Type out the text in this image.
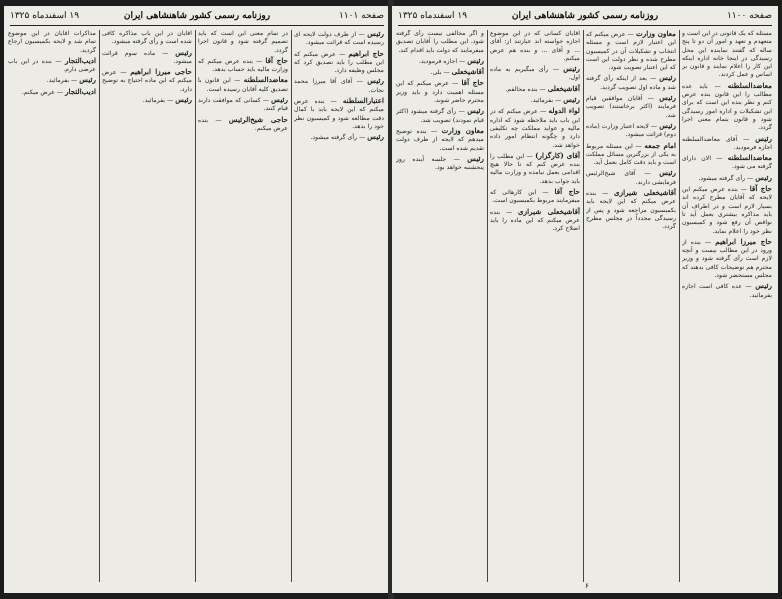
صفحه ۱۱۰۱
روزنامه رسمی کشور شاهنشاهی ایران
۱۹ اسفندماه ۱۳۲۵

رئیس — از طرف دولت لایحه ای رسیده است که قرائت میشود.

حاج ابراهیم — عرض میکنم که این مطلب را باید تصدیق کرد که مجلس وظیفه دارد.

رئیس — آقای آقا میرزا محمد نجات.

اعتبارالسلطنه — بنده عرض میکنم که این لایحه باید با کمال دقت مطالعه شود و کمیسیون نظر خود را بدهد.

رئیس — رأی گرفته میشود.

در تمام معنی این است که باید تصمیم گرفته شود و قانون اجرا گردد.

حاج آقا — بنده عرض میکنم که وزارت مالیه باید حساب بدهد.

معاضدالسلطنه — این قانون با تصدیق کلیه آقایان رسیده است.

رئیس — کسانی که موافقت دارند قیام کنند.

حاجی شیخ‌الرئیس — بنده عرض میکنم.

آقایان در این باب مذاکره کافی شده است و رأی گرفته میشود.

رئیس — ماده سوم قرائت میشود.

حاجی میرزا ابراهیم — عرض میکنم که این ماده احتیاج به توضیح دارد.

رئیس — بفرمائید.

مذاکرات آقایان در این موضوع تمام شد و لایحه بکمیسیون ارجاع گردید.

ادیب‌التجار — بنده در این باب عرضی دارم.

رئیس — بفرمائید.

ادیب‌التجار — عرض میکنم.

صفحه ۱۱۰۰
روزنامه رسمی کشور شاهنشاهی ایران
۱۹ اسفندماه ۱۳۲۵

مسئله که یک قانونی در این است و متعهدم و تعهد و امور آن دو تا پنج ساله که گفتند نماینده این محل رسیدگی در اینجا خانه اداره اینکه این کار را اعلام نمایند و قانون بر اساس و عمل کردند.

معاضدالسلطنه — باید عده مطالب را این قانون بنده عرض کنم و نظر بنده این است که برای این تشکیلات و اداره امور رسیدگی شود و قانون بتمام معنی اجرا گردد.

رئیس — آقای معاضدالسلطنه اجازه فرمودید.

معاضدالسلطنه — الان دارای گرفته می شود.

رئیس — رأی گرفته میشود.

حاج آقا — بنده عرض میکنم این لایحه که آقایان مطرح کرده اند بسیار لازم است و در اطراف آن باید مذاکره بیشتری بعمل آید تا نواقص آن رفع شود و کمیسیون نظر خود را اعلام نماید.

حاج میرزا ابراهیم — بنده از ورود در این مطالب نیست و آنچه لازم است رأی گرفته شود و وزیر محترم هم توضیحات کافی بدهند که مجلس مستحضر شود.

رئیس — عده کافی است اجازه بفرمائید.

معاون وزارت — عرض میکنم که این اعتبار لازم است و مسئله انتخاب و تشکیلات آن در کمیسیون مطرح شده و نظر دولت این است که این اعتبار تصویب شود.

رئیس — بعد از اینکه رأی گرفته شد و ماده اول تصویب گردید.

رئیس — آقایان موافقین قیام فرمایند (اکثر برخاستند) تصویب شد.

رئیس — لایحه اعتبار وزارت (ماده دوم) قرائت میشود.

امام جمعه — این مسئله مربوط به یکی از بزرگترین مسائل مملکت است و باید دقت کامل بعمل آید.

رئیس — آقای شیخ‌الرئیس فرمایشی دارند.

آقاشیخعلی شیرازی — بنده عرض میکنم که این لایحه باید بکمیسیون مراجعه شود و پس از رسیدگی مجدداً در مجلس مطرح گردد.

آقایان کسانی که در این موضوع اجازه خواسته اند عبارتند از: آقای ... و آقای ... و بنده هم عرض میکنم.

رئیس — رأی میگیریم به ماده اول.

آقاشیخعلی — بنده مخالفم.

رئیس — بفرمائید.

لواء الدوله — عرض میکنم که در این باب باید ملاحظه شود که اداره مالیه و عواید مملکت چه تکلیفی دارد و چگونه انتظام امور داده خواهد شد.

آقای (کارگزار) — این مطلب را بنده عرض کنم که تا حالا هیچ اقدامی بعمل نیامده و وزارت مالیه باید جواب بدهد.

حاج آقا — این کارهائی که میفرمایند مربوط بکمیسیون است.

آقاشیخعلی شیرازی — بنده عرض میکنم که این ماده را باید اصلاح کرد.

و اگر مخالفی نیست رأی گرفته شود. این مطلب را آقایان تصدیق میفرمایند که دولت باید اقدام کند.

رئیس — اجازه فرمودید.

آقاشیخعلی — بلی.

حاج آقا — عرض میکنم که این مسئله اهمیت دارد و باید وزیر محترم حاضر شوند.

رئیس — رأی گرفته میشود (اکثر قیام نمودند) تصویب شد.

معاون وزارت — بنده توضیح میدهم که لایحه از طرف دولت تقدیم شده است.

رئیس — جلسه آینده روز پنجشنبه خواهد بود.

۶
